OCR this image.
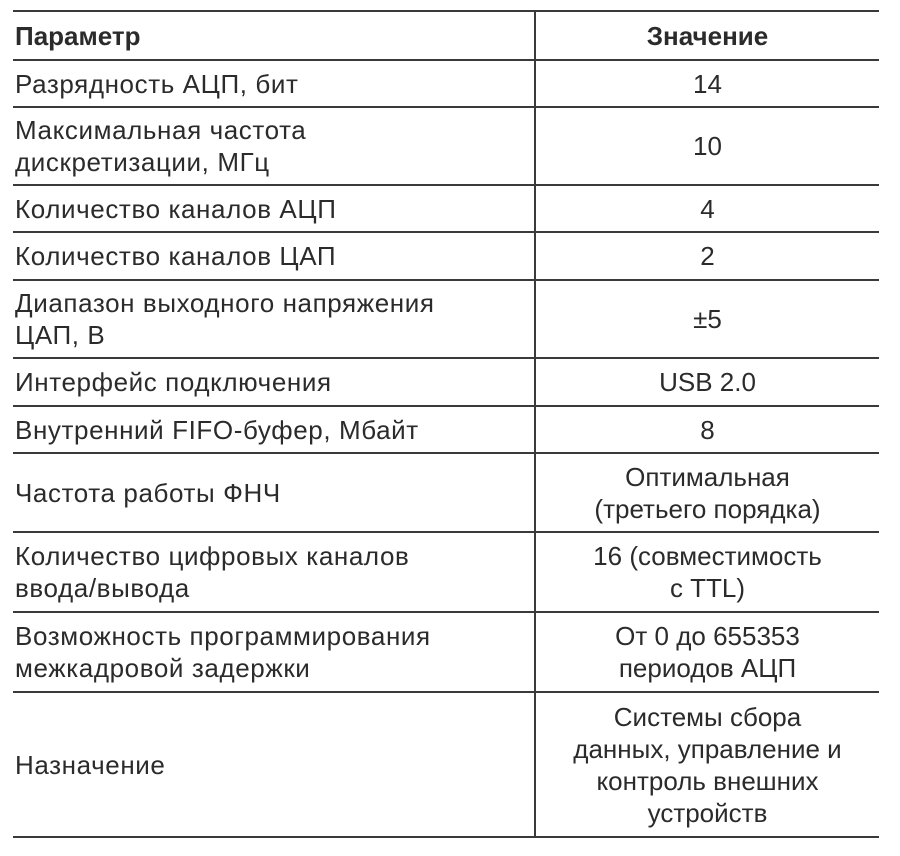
Параметр	Значение

Разрядность АЦП, бит	14

Максимальная частота
дискретизации, МГц	10

Количество каналов АЦП	4

Количество каналов ЦАП	2

Диапазон выходного напряжения
ЦАП, В	±5

Интерфейс подключения	USB 2.0

Внутренний FIFO-буфер, Мбайт	8

Частота работы ФНЧ	Оптимальная
(третьего порядка)

Количество цифровых каналов
ввода/вывода	16 (совместимость
с TTL)

Возможность программирования
межкадровой задержки	От 0 до 655353
периодов АЦП

Назначение	Системы сбора
данных, управление и
контроль внешних
устройств
